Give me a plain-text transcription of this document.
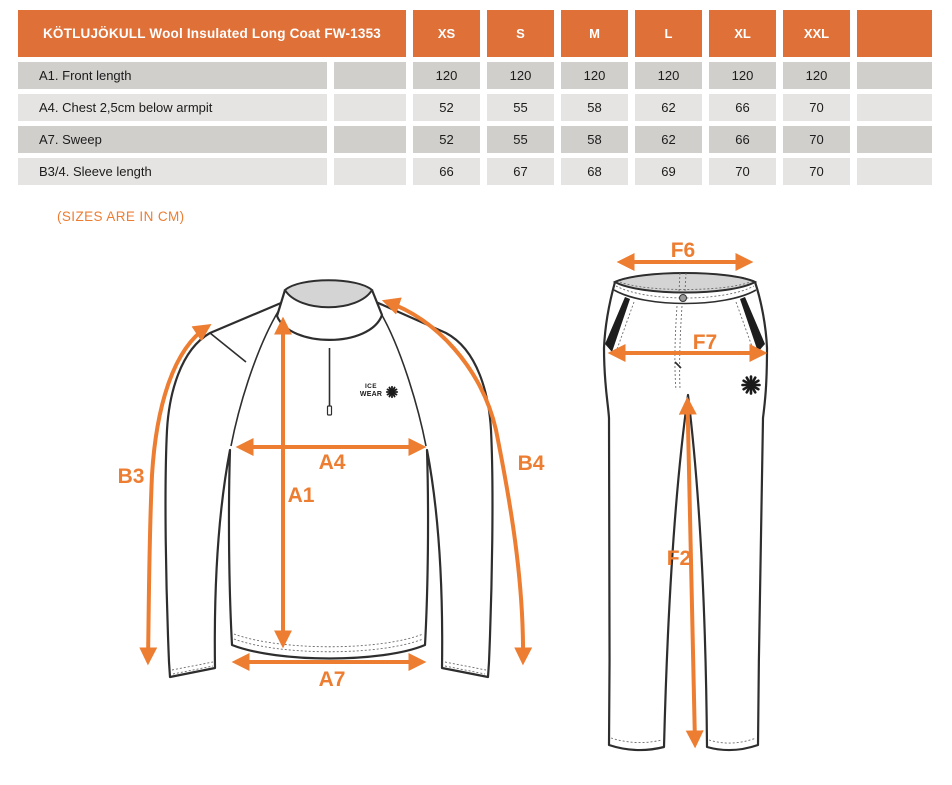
KÖTLUJÖKULL Wool Insulated Long Coat FW-1353	XS	S	M	L	XL	XXL
A1. Front length	120	120	120	120	120	120
A4. Chest 2,5cm below armpit	52	55	58	62	66	70
A7. Sweep	52	55	58	62	66	70
B3/4. Sleeve length	66	67	68	69	70	70
(SIZES ARE IN CM)
ICE
WEAR
B3
A4
A1
B4
A7
F6
F7
F2
